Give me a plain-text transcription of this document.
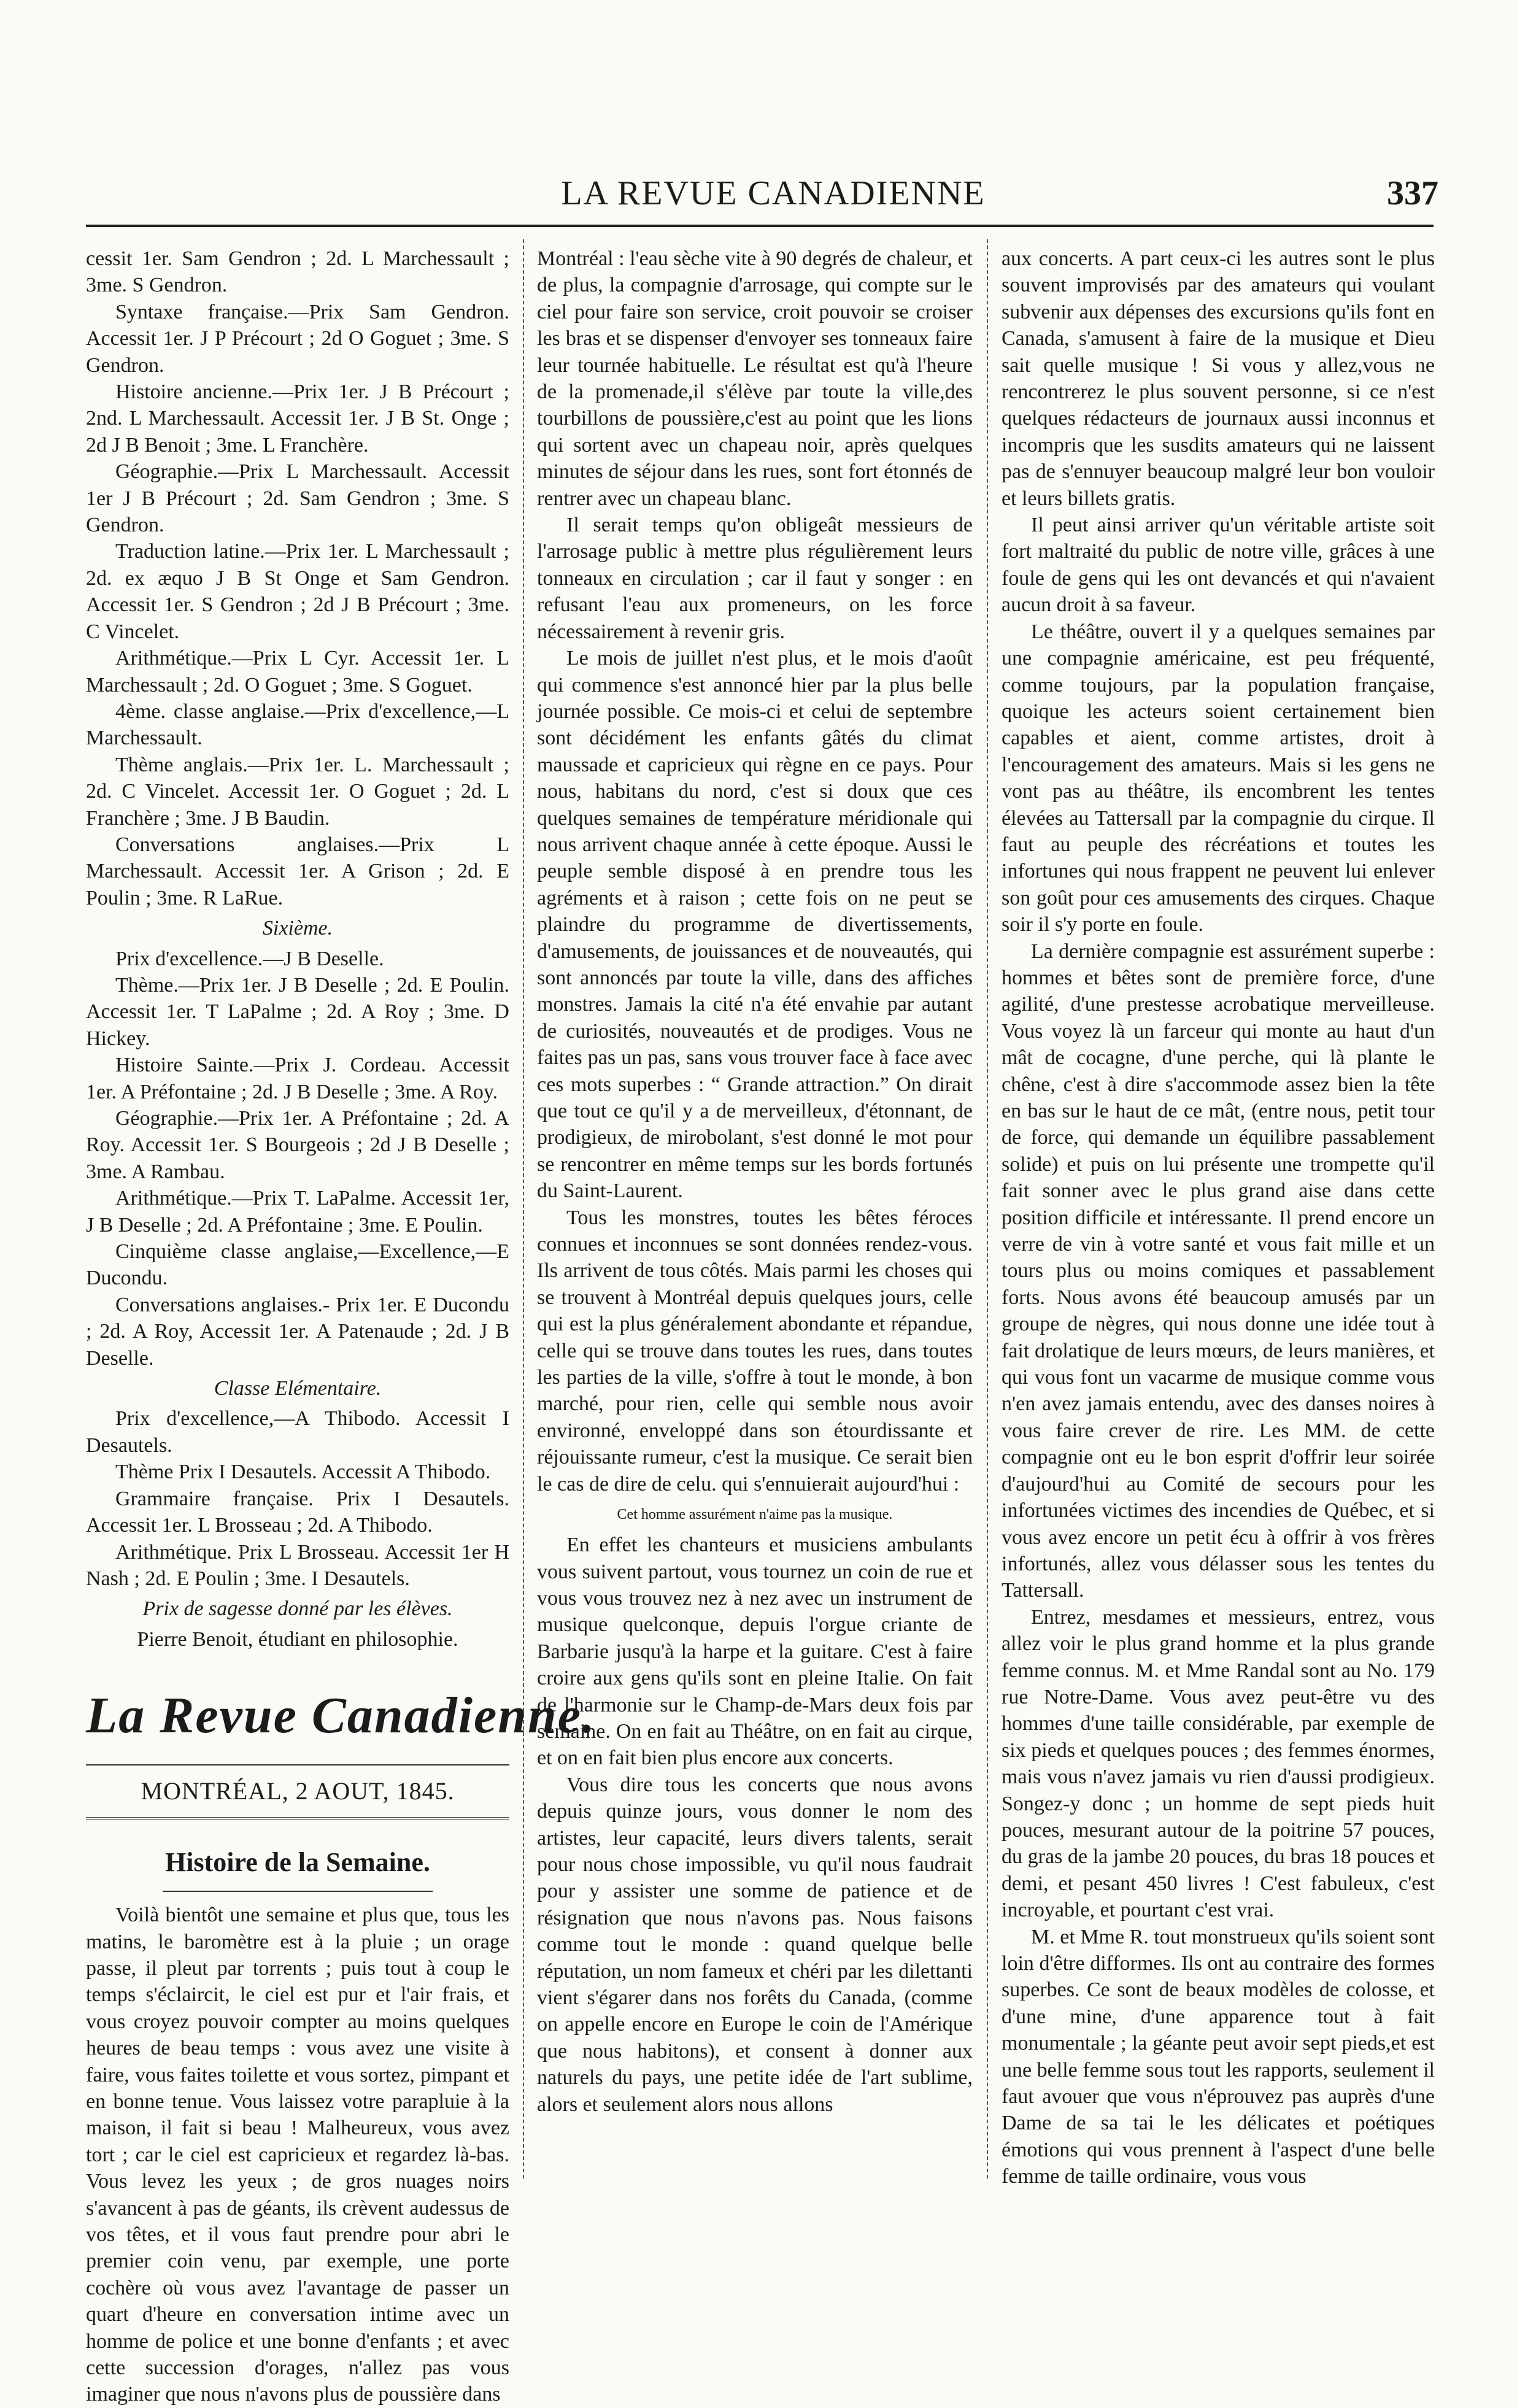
LA REVUE CANADIENNE	337

cessit 1er. Sam Gendron ; 2d. L Marchessault ; 3me. S Gendron.

Syntaxe française.—Prix Sam Gendron. Accessit 1er. J P Précourt ; 2d O Goguet ; 3me. S Gendron.

Histoire ancienne.—Prix 1er. J B Précourt ; 2nd. L Marchessault. Accessit 1er. J B St. Onge ; 2d J B Benoit ; 3me. L Franchère.

Géographie.—Prix L Marchessault. Accessit 1er J B Précourt ; 2d. Sam Gendron ; 3me. S Gendron.

Traduction latine.—Prix 1er. L Marchessault ; 2d. ex æquo J B St Onge et Sam Gendron. Accessit 1er. S Gendron ; 2d J B Précourt ; 3me. C Vincelet.

Arithmétique.—Prix L Cyr. Accessit 1er. L Marchessault ; 2d. O Goguet ; 3me. S Goguet.

4ème. classe anglaise.—Prix d'excellence,—L Marchessault.

Thème anglais.—Prix 1er. L. Marchessault ; 2d. C Vincelet. Accessit 1er. O Goguet ; 2d. L Franchère ; 3me. J B Baudin.

Conversations anglaises.—Prix L Marchessault. Accessit 1er. A Grison ; 2d. E Poulin ; 3me. R LaRue.

Sixième.

Prix d'excellence.—J B Deselle.

Thème.—Prix 1er. J B Deselle ; 2d. E Poulin. Accessit 1er. T LaPalme ; 2d. A Roy ; 3me. D Hickey.

Histoire Sainte.—Prix J. Cordeau. Accessit 1er. A Préfontaine ; 2d. J B Deselle ; 3me. A Roy.

Géographie.—Prix 1er. A Préfontaine ; 2d. A Roy. Accessit 1er. S Bourgeois ; 2d J B Deselle ; 3me. A Rambau.

Arithmétique.—Prix T. LaPalme. Accessit 1er, J B Deselle ; 2d. A Préfontaine ; 3me. E Poulin.

Cinquième classe anglaise,—Excellence,—E Ducondu.

Conversations anglaises.- Prix 1er. E Ducondu ; 2d. A Roy, Accessit 1er. A Patenaude ; 2d. J B Deselle.

Classe Elémentaire.

Prix d'excellence,—A Thibodo. Accessit I Desautels.

Thème Prix I Desautels. Accessit A Thibodo.

Grammaire française. Prix I Desautels. Accessit 1er. L Brosseau ; 2d. A Thibodo.

Arithmétique. Prix L Brosseau. Accessit 1er H Nash ; 2d. E Poulin ; 3me. I Desautels.

Prix de sagesse donné par les élèves.
Pierre Benoit, étudiant en philosophie.
La Revue Canadienne.
MONTRÉAL, 2 AOUT, 1845.
Histoire de la Semaine.

Voilà bientôt une semaine et plus que, tous les matins, le baromètre est à la pluie ; un orage passe, il pleut par torrents ; puis tout à coup le temps s'éclaircit, le ciel est pur et l'air frais, et vous croyez pouvoir compter au moins quelques heures de beau temps : vous avez une visite à faire, vous faites toilette et vous sortez, pimpant et en bonne tenue. Vous laissez votre parapluie à la maison, il fait si beau ! Malheureux, vous avez tort ; car le ciel est capricieux et regardez là-bas. Vous levez les yeux ; de gros nuages noirs s'avancent à pas de géants, ils crèvent audessus de vos têtes, et il vous faut prendre pour abri le premier coin venu, par exemple, une porte cochère où vous avez l'avantage de passer un quart d'heure en conversation intime avec un homme de police et une bonne d'enfants ; et avec cette succession d'orages, n'allez pas vous imaginer que nous n'avons plus de poussière dans

Montréal : l'eau sèche vite à 90 degrés de chaleur, et de plus, la compagnie d'arrosage, qui compte sur le ciel pour faire son service, croit pouvoir se croiser les bras et se dispenser d'envoyer ses tonneaux faire leur tournée habituelle. Le résultat est qu'à l'heure de la promenade,il s'élève par toute la ville,des tourbillons de poussière,c'est au point que les lions qui sortent avec un chapeau noir, après quelques minutes de séjour dans les rues, sont fort étonnés de rentrer avec un chapeau blanc.

Il serait temps qu'on obligeât messieurs de l'arrosage public à mettre plus régulièrement leurs tonneaux en circulation ; car il faut y songer : en refusant l'eau aux promeneurs, on les force nécessairement à revenir gris.

Le mois de juillet n'est plus, et le mois d'août qui commence s'est annoncé hier par la plus belle journée possible. Ce mois-ci et celui de septembre sont décidément les enfants gâtés du climat maussade et capricieux qui règne en ce pays. Pour nous, habitans du nord, c'est si doux que ces quelques semaines de température méridionale qui nous arrivent chaque année à cette époque. Aussi le peuple semble disposé à en prendre tous les agréments et à raison ; cette fois on ne peut se plaindre du programme de divertissements, d'amusements, de jouissances et de nouveautés, qui sont annoncés par toute la ville, dans des affiches monstres. Jamais la cité n'a été envahie par autant de curiosités, nouveautés et de prodiges. Vous ne faites pas un pas, sans vous trouver face à face avec ces mots superbes : “ Grande attraction.” On dirait que tout ce qu'il y a de merveilleux, d'étonnant, de prodigieux, de mirobolant, s'est donné le mot pour se rencontrer en même temps sur les bords fortunés du Saint-Laurent.

Tous les monstres, toutes les bêtes féroces connues et inconnues se sont données rendez-vous. Ils arrivent de tous côtés. Mais parmi les choses qui se trouvent à Montréal depuis quelques jours, celle qui est la plus généralement abondante et répandue, celle qui se trouve dans toutes les rues, dans toutes les parties de la ville, s'offre à tout le monde, à bon marché, pour rien, celle qui semble nous avoir environné, enveloppé dans son étourdissante et réjouissante rumeur, c'est la musique. Ce serait bien le cas de dire de celu. qui s'ennuierait aujourd'hui :

Cet homme assurément n'aime pas la musique.

En effet les chanteurs et musiciens ambulants vous suivent partout, vous tournez un coin de rue et vous vous trouvez nez à nez avec un instrument de musique quelconque, depuis l'orgue criante de Barbarie jusqu'à la harpe et la guitare. C'est à faire croire aux gens qu'ils sont en pleine Italie. On fait de l'harmonie sur le Champ-de-Mars deux fois par semaine. On en fait au Théâtre, on en fait au cirque, et on en fait bien plus encore aux concerts.

Vous dire tous les concerts que nous avons depuis quinze jours, vous donner le nom des artistes, leur capacité, leurs divers talents, serait pour nous chose impossible, vu qu'il nous faudrait pour y assister une somme de patience et de résignation que nous n'avons pas. Nous faisons comme tout le monde : quand quelque belle réputation, un nom fameux et chéri par les dilettanti vient s'égarer dans nos forêts du Canada, (comme on appelle encore en Europe le coin de l'Amérique que nous habitons), et consent à donner aux naturels du pays, une petite idée de l'art sublime, alors et seulement alors nous allons

aux concerts. A part ceux-ci les autres sont le plus souvent improvisés par des amateurs qui voulant subvenir aux dépenses des excursions qu'ils font en Canada, s'amusent à faire de la musique et Dieu sait quelle musique ! Si vous y allez,vous ne rencontrerez le plus souvent personne, si ce n'est quelques rédacteurs de journaux aussi inconnus et incompris que les susdits amateurs qui ne laissent pas de s'ennuyer beaucoup malgré leur bon vouloir et leurs billets gratis.

Il peut ainsi arriver qu'un véritable artiste soit fort maltraité du public de notre ville, grâces à une foule de gens qui les ont devancés et qui n'avaient aucun droit à sa faveur.

Le théâtre, ouvert il y a quelques semaines par une compagnie américaine, est peu fréquenté, comme toujours, par la population française, quoique les acteurs soient certainement bien capables et aient, comme artistes, droit à l'encouragement des amateurs. Mais si les gens ne vont pas au théâtre, ils encombrent les tentes élevées au Tattersall par la compagnie du cirque. Il faut au peuple des récréations et toutes les infortunes qui nous frappent ne peuvent lui enlever son goût pour ces amusements des cirques. Chaque soir il s'y porte en foule.

La dernière compagnie est assurément superbe : hommes et bêtes sont de première force, d'une agilité, d'une prestesse acrobatique merveilleuse. Vous voyez là un farceur qui monte au haut d'un mât de cocagne, d'une perche, qui là plante le chêne, c'est à dire s'accommode assez bien la tête en bas sur le haut de ce mât, (entre nous, petit tour de force, qui demande un équilibre passablement solide) et puis on lui présente une trompette qu'il fait sonner avec le plus grand aise dans cette position difficile et intéressante. Il prend encore un verre de vin à votre santé et vous fait mille et un tours plus ou moins comiques et passablement forts. Nous avons été beaucoup amusés par un groupe de nègres, qui nous donne une idée tout à fait drolatique de leurs mœurs, de leurs manières, et qui vous font un vacarme de musique comme vous n'en avez jamais entendu, avec des danses noires à vous faire crever de rire. Les MM. de cette compagnie ont eu le bon esprit d'offrir leur soirée d'aujourd'hui au Comité de secours pour les infortunées victimes des incendies de Québec, et si vous avez encore un petit écu à offrir à vos frères infortunés, allez vous délasser sous les tentes du Tattersall.

Entrez, mesdames et messieurs, entrez, vous allez voir le plus grand homme et la plus grande femme connus. M. et Mme Randal sont au No. 179 rue Notre-Dame. Vous avez peut-être vu des hommes d'une taille considérable, par exemple de six pieds et quelques pouces ; des femmes énormes, mais vous n'avez jamais vu rien d'aussi prodigieux. Songez-y donc ; un homme de sept pieds huit pouces, mesurant autour de la poitrine 57 pouces, du gras de la jambe 20 pouces, du bras 18 pouces et demi, et pesant 450 livres ! C'est fabuleux, c'est incroyable, et pourtant c'est vrai.

M. et Mme R. tout monstrueux qu'ils soient sont loin d'être difformes. Ils ont au contraire des formes superbes. Ce sont de beaux modèles de colosse, et d'une mine, d'une apparence tout à fait monumentale ; la géante peut avoir sept pieds,et est une belle femme sous tout les rapports, seulement il faut avouer que vous n'éprouvez pas auprès d'une Dame de sa tai le les délicates et poétiques émotions qui vous prennent à l'aspect d'une belle femme de taille ordinaire, vous vous
